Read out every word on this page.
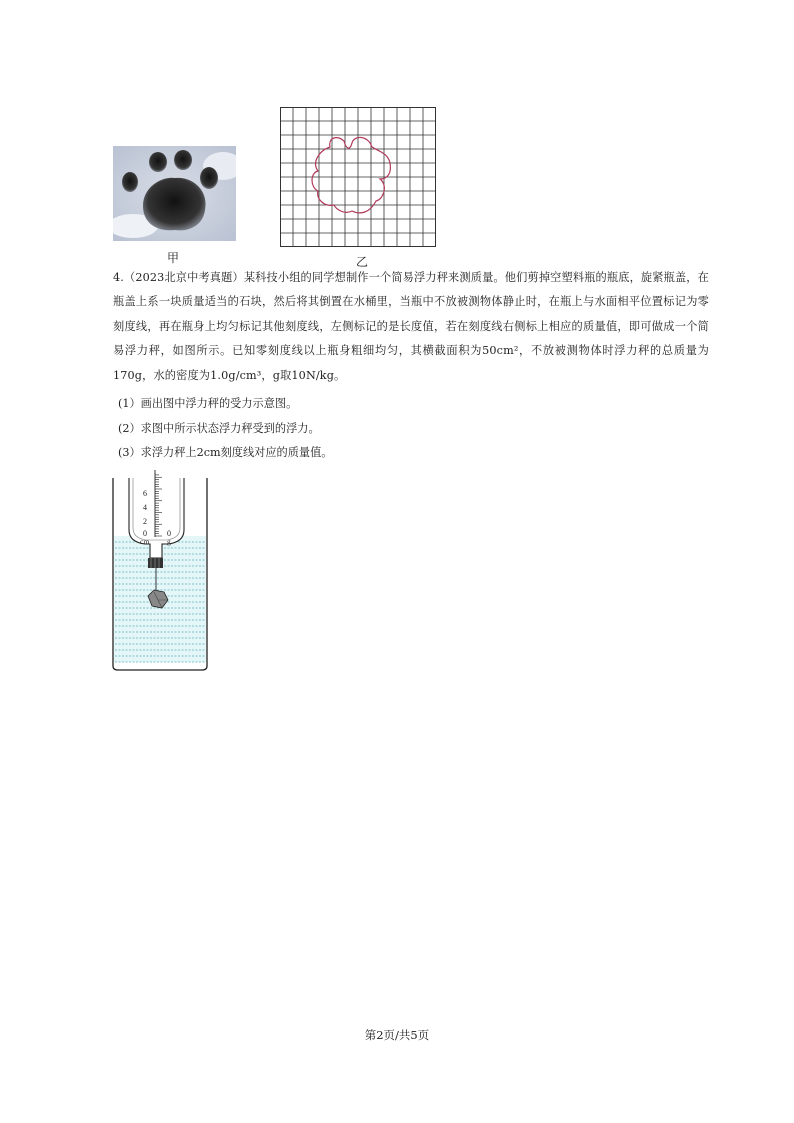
甲	乙

4.（2023北京中考真题）某科技小组的同学想制作一个简易浮力秤来测质量。他们剪掉空塑料瓶的瓶底，旋紧瓶盖，在瓶盖上系一块质量适当的石块，然后将其倒置在水桶里，当瓶中不放被测物体静止时，在瓶上与水面相平位置标记为零刻度线，再在瓶身上均匀标记其他刻度线，左侧标记的是长度值，若在刻度线右侧标上相应的质量值，即可做成一个简易浮力秤，如图所示。已知零刻度线以上瓶身粗细均匀，其横截面积为50cm²，不放被测物体时浮力秤的总质量为170g，水的密度为1.0g/cm³，g取10N/kg。

(1）画出图中浮力秤的受力示意图。
(2）求图中所示状态浮力秤受到的浮力。
(3）求浮力秤上2cm刻度线对应的质量值。
6
4
2
0
cm
0
g
第2页/共5页
